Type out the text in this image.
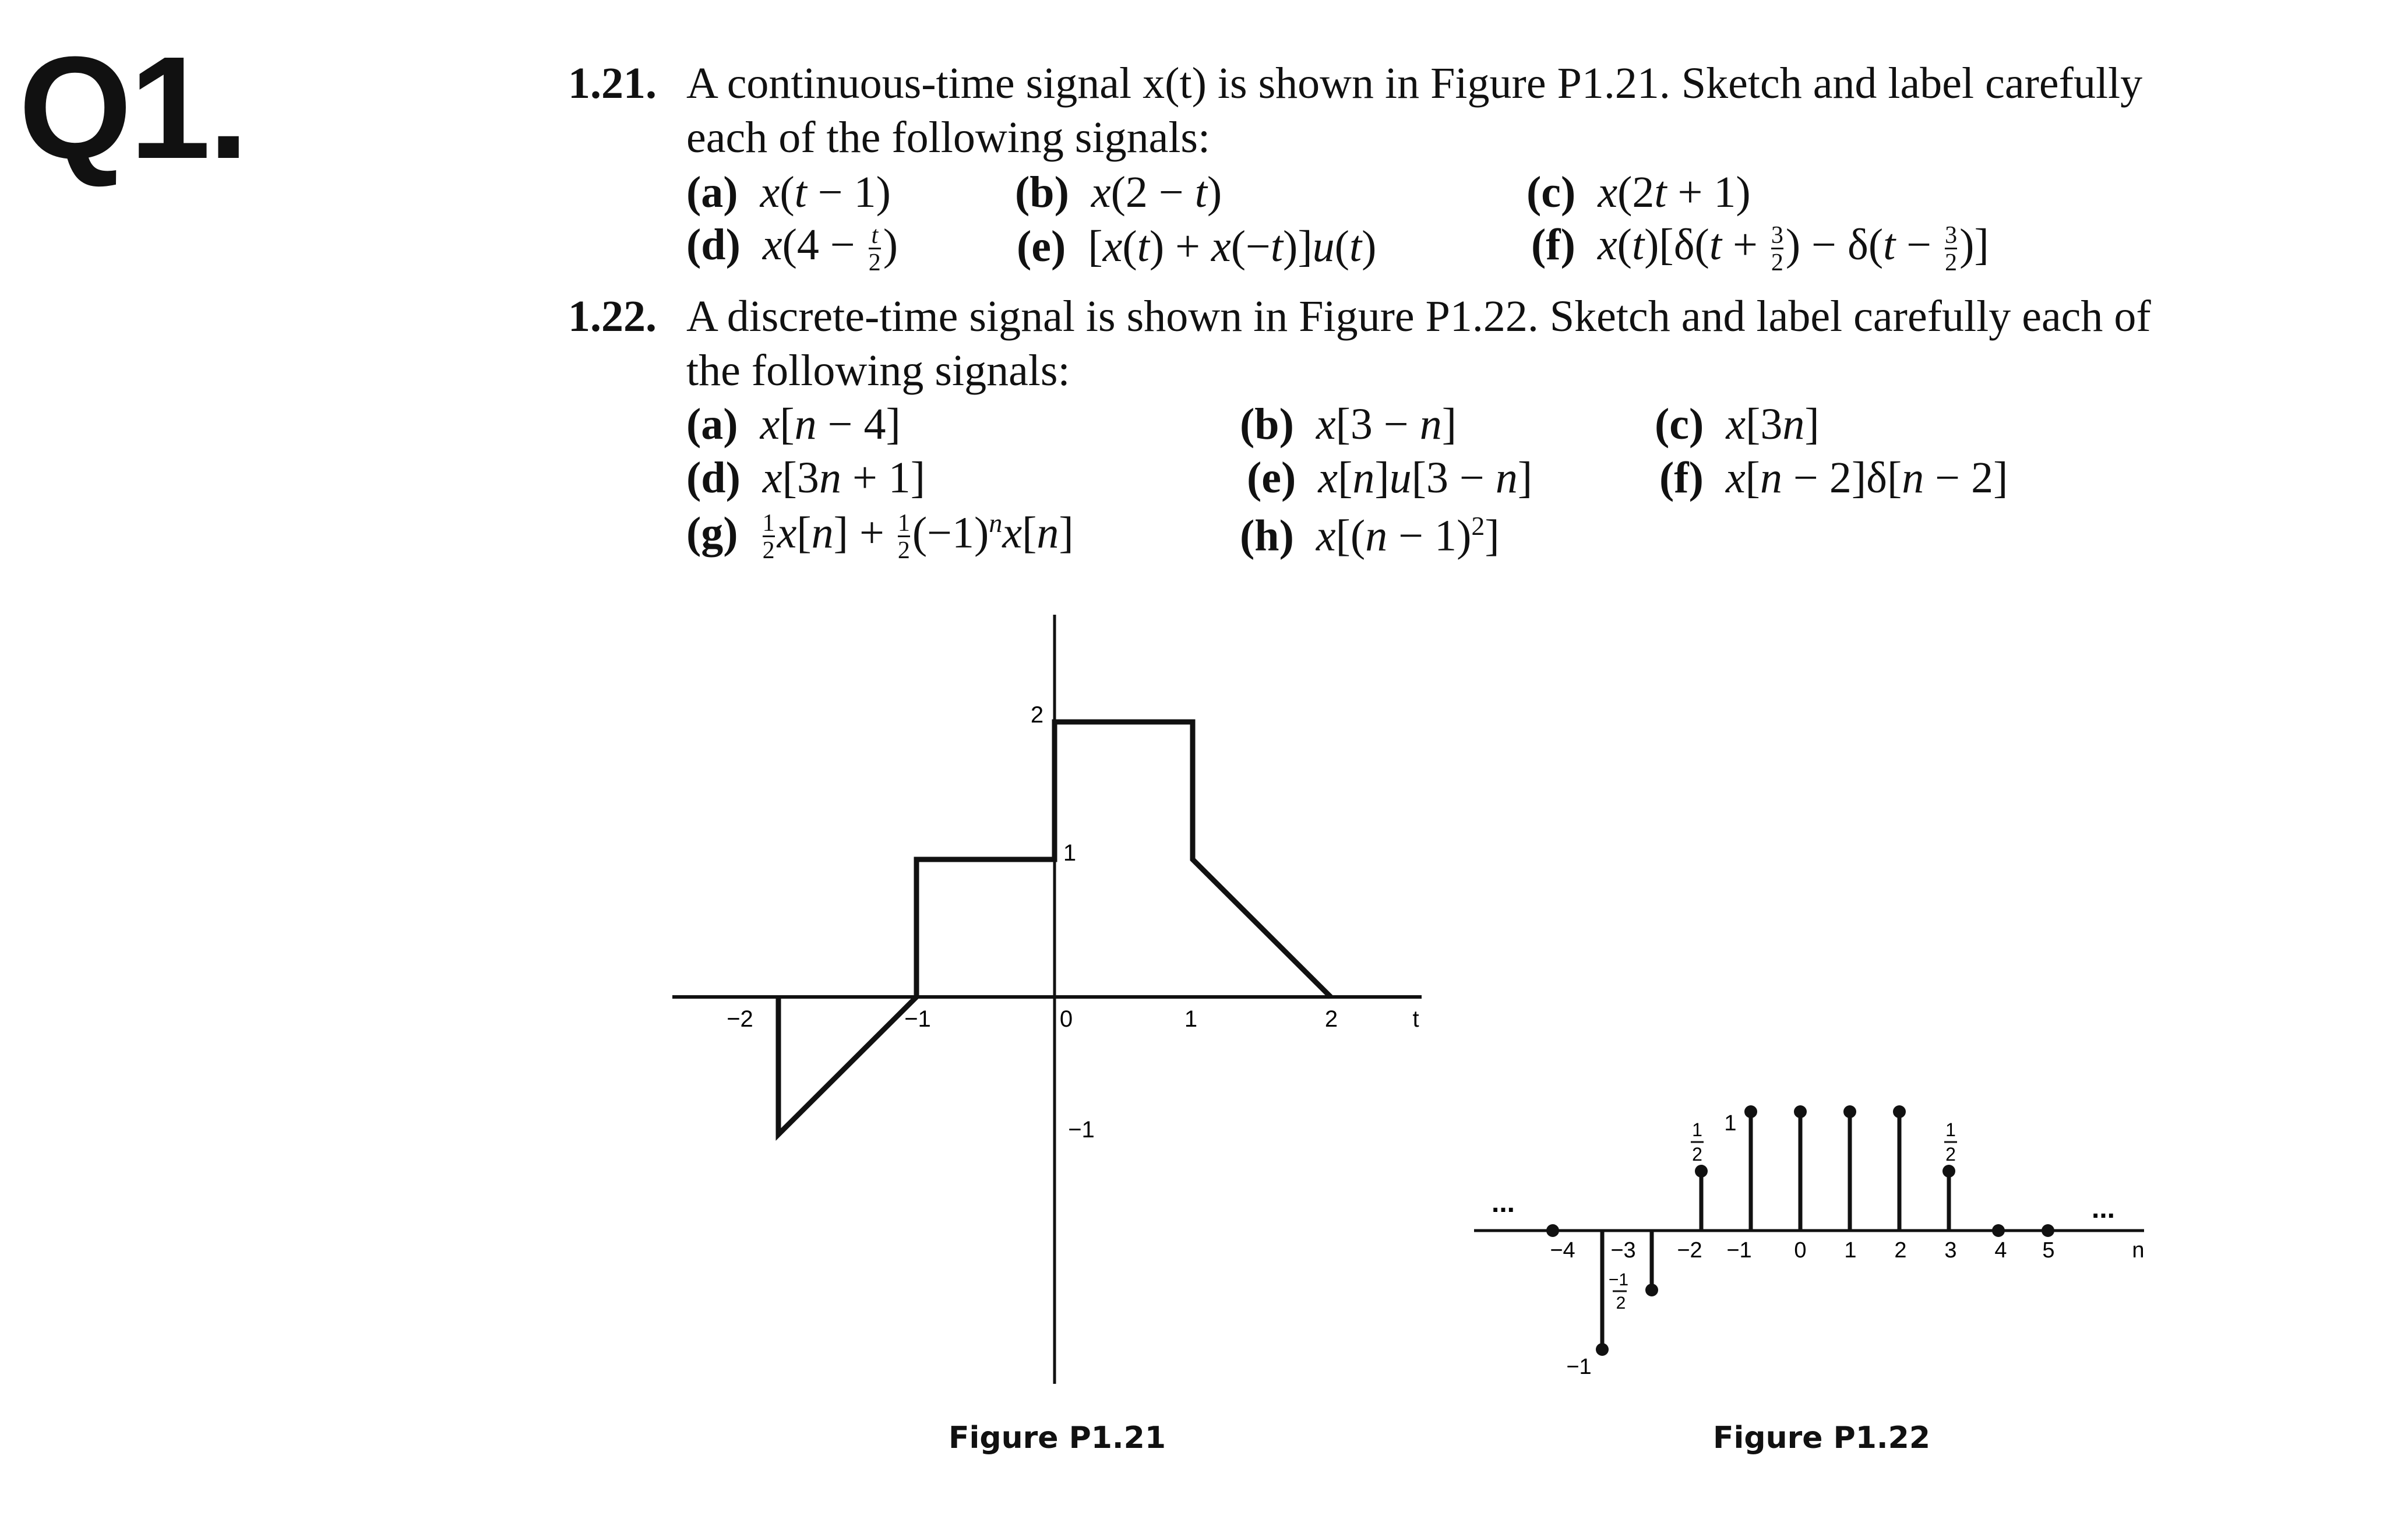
Q1.	1.21. A continuous-time signal x(t) is shown in Figure P1.21. Sketch and label carefully
each of the following signals:
(a) x(t − 1)	(b) x(2 − t)	(c) x(2t + 1)
(d) $x(4 - \frac{t}{2}$ )	(e)  [x(t) + x(−t)]u(t)	(f) $x(t)[\delta(t + \frac{3}{2}$ ) − $\delta(t - \frac{3}{2}$ )]
1.22. A discrete-time signal is shown in Figure P1.22. Sketch and label carefully each of
the following signals:
(a) x[n − 4]	(b) x[3 − n]	(c) x[3n]
(d) x[3n + 1]	(e) x[n]u[3 − n]	(f) x[n − 2]δ[n − 2]
$(g) \frac{1}{2} x[n] + \frac{1}{2} (-1)^nx[n]$	(h) $x[(n - 1)^2]$
−2	−1	0	1	2	t
2
1
−1
Figure P1.21
...	...
−4 −3 −2 −1 0 1 2 3 4 5	n
1
−1
1
2
1
2
−1
2
Figure P1.22
